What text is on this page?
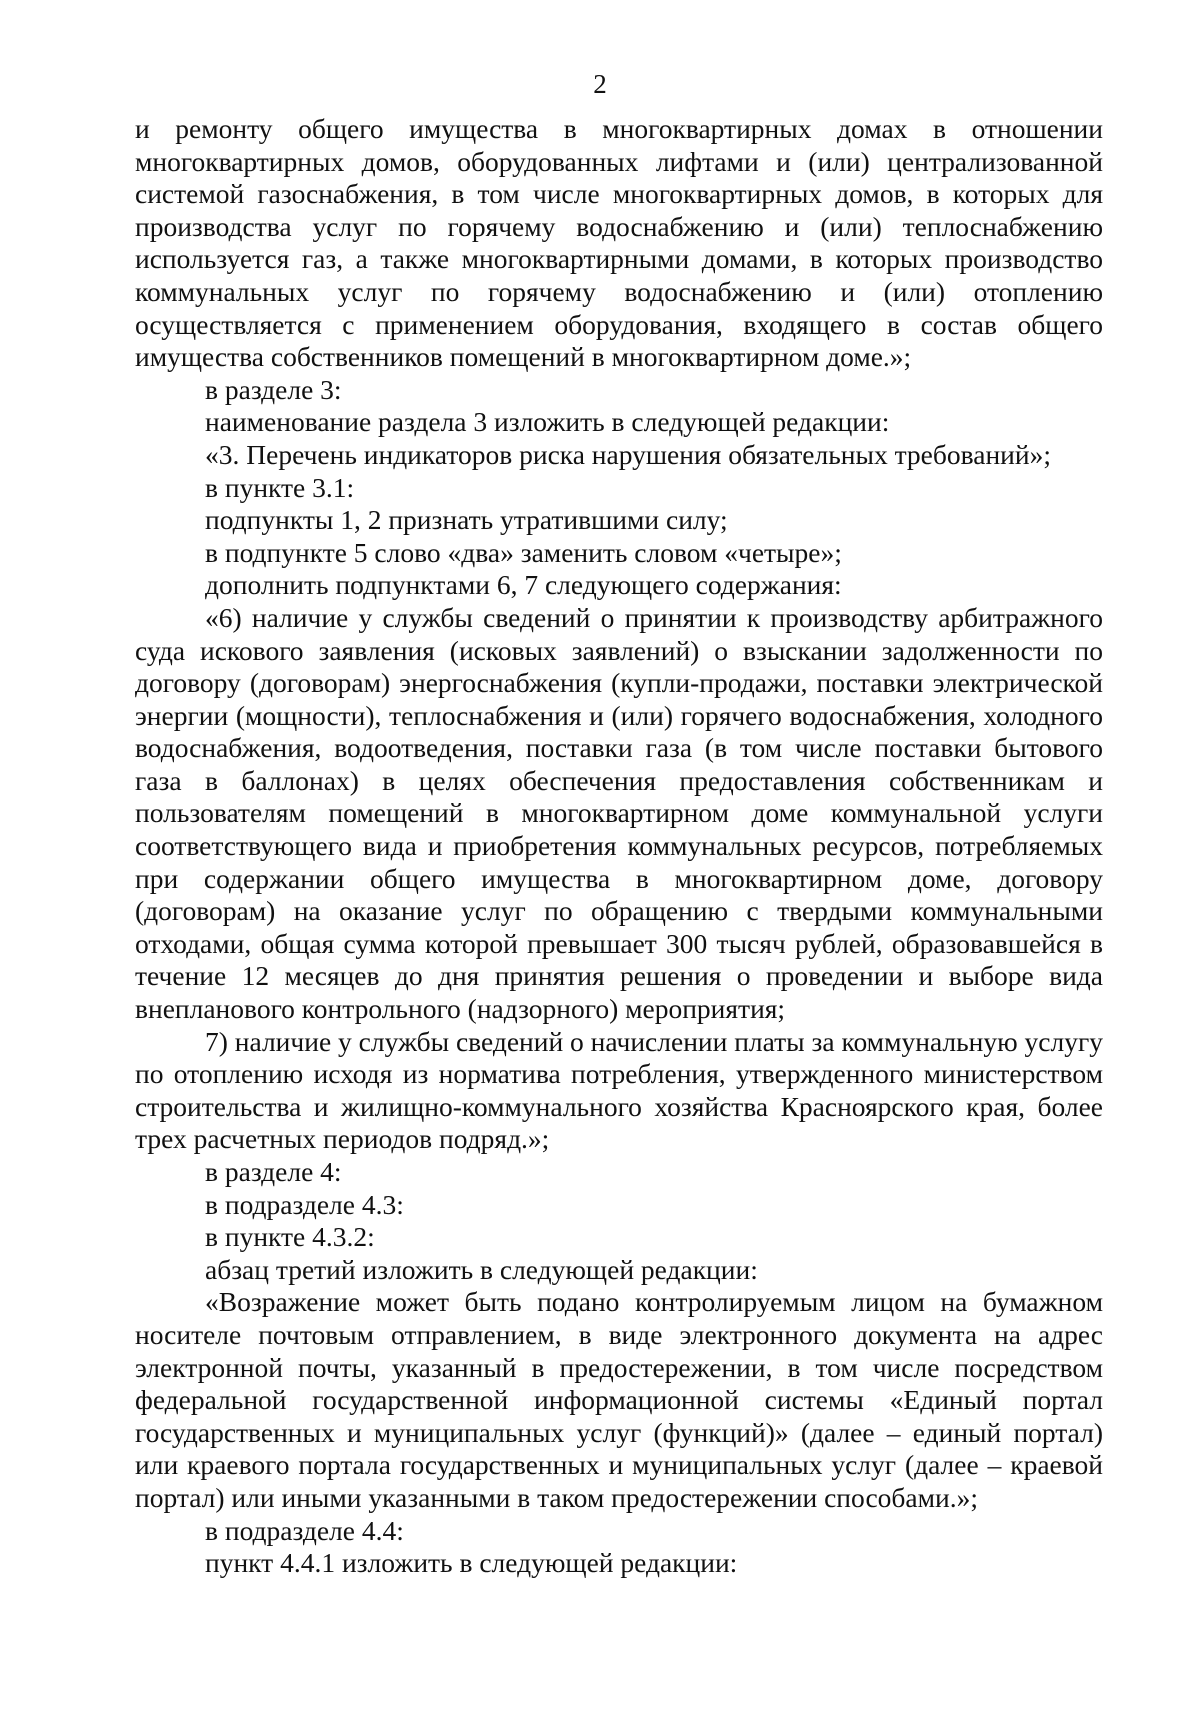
2

и ремонту общего имущества в многоквартирных домах в отношении многоквартирных домов, оборудованных лифтами и (или) централизованной системой газоснабжения, в том числе многоквартирных домов, в которых для производства услуг по горячему водоснабжению и (или) теплоснабжению используется газ, а также многоквартирными домами, в которых производство коммунальных услуг по горячему водоснабжению и (или) отоплению осуществляется с применением оборудования, входящего в состав общего имущества собственников помещений в многоквартирном доме.»;

в разделе 3:

наименование раздела 3 изложить в следующей редакции:

«3. Перечень индикаторов риска нарушения обязательных требований»;

в пункте 3.1:

подпункты 1, 2 признать утратившими силу;

в подпункте 5 слово «два» заменить словом «четыре»;

дополнить подпунктами 6, 7 следующего содержания:

«6) наличие у службы сведений о принятии к производству арбитражного суда искового заявления (исковых заявлений) о взыскании задолженности по договору (договорам) энергоснабжения (купли-продажи, поставки электрической энергии (мощности), теплоснабжения и (или) горячего водоснабжения, холодного водоснабжения, водоотведения, поставки газа (в том числе поставки бытового газа в баллонах) в целях обеспечения предоставления собственникам и пользователям помещений в многоквартирном доме коммунальной услуги соответствующего вида и приобретения коммунальных ресурсов, потребляемых при содержании общего имущества в многоквартирном доме, договору (договорам) на оказание услуг по обращению с твердыми коммунальными отходами, общая сумма которой превышает 300 тысяч рублей, образовавшейся в течение 12 месяцев до дня принятия решения о проведении и выборе вида внепланового контрольного (надзорного) мероприятия;

7) наличие у службы сведений о начислении платы за коммунальную услугу по отоплению исходя из норматива потребления, утвержденного министерством строительства и жилищно-коммунального хозяйства Красноярского края, более трех расчетных периодов подряд.»;

в разделе 4:

в подразделе 4.3:

в пункте 4.3.2:

абзац третий изложить в следующей редакции:

«Возражение может быть подано контролируемым лицом на бумажном носителе почтовым отправлением, в виде электронного документа на адрес электронной почты, указанный в предостережении, в том числе посредством федеральной государственной информационной системы «Единый портал государственных и муниципальных услуг (функций)» (далее – единый портал) или краевого портала государственных и муниципальных услуг (далее – краевой портал) или иными указанными в таком предостережении способами.»;

в подразделе 4.4:

пункт 4.4.1 изложить в следующей редакции:
